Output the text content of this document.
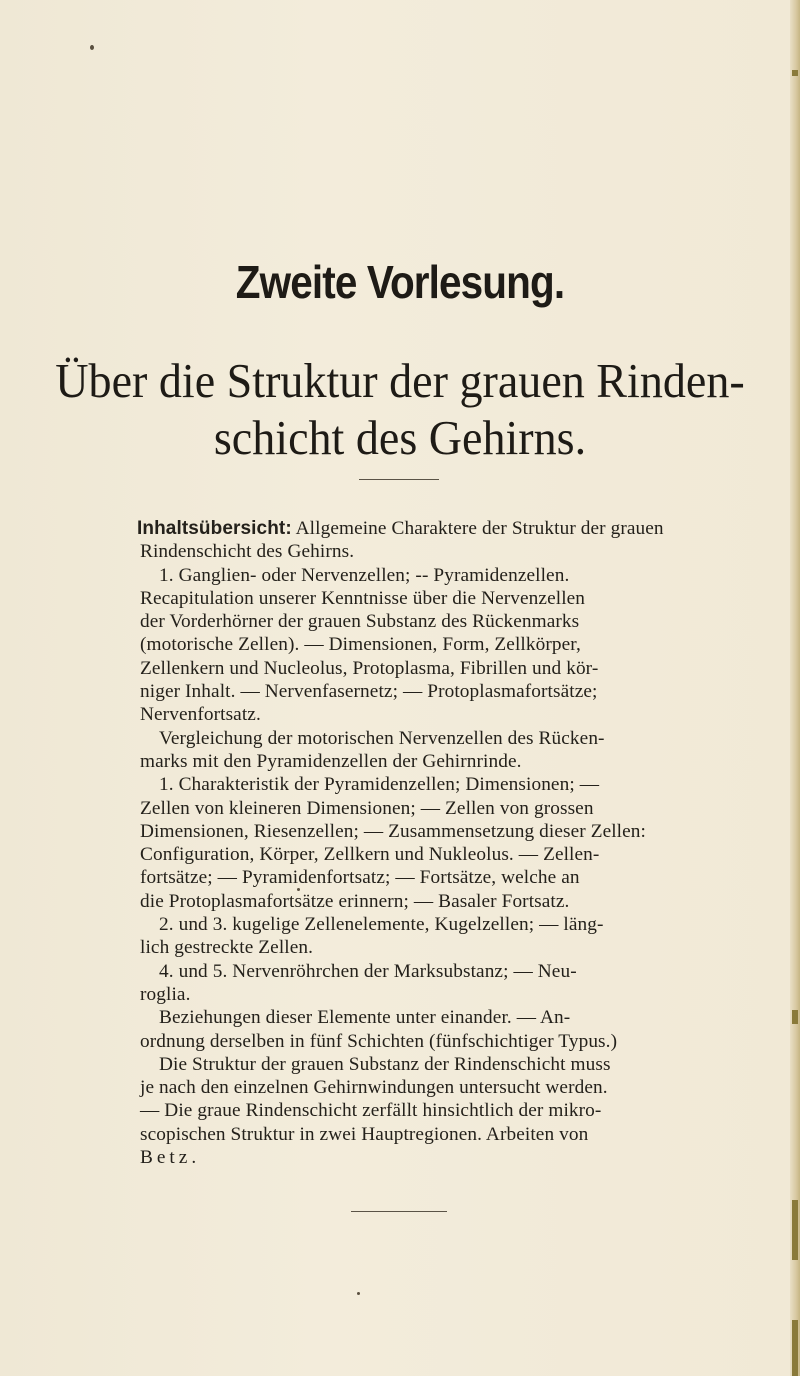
Zweite Vorlesung.
Über die Struktur der grauen Rinden-
schicht des Gehirns.
Inhaltsübersicht: Allgemeine Charaktere der Struktur der grauen
Rindenschicht des Gehirns.
1. Ganglien- oder Nervenzellen; -- Pyramidenzellen.
Recapitulation unserer Kenntnisse über die Nervenzellen
der Vorderhörner der grauen Substanz des Rückenmarks
(motorische Zellen). — Dimensionen, Form, Zellkörper,
Zellenkern und Nucleolus, Protoplasma, Fibrillen und kör-
niger Inhalt. — Nervenfasernetz; — Protoplasmafortsätze;
Nervenfortsatz.
Vergleichung der motorischen Nervenzellen des Rücken-
marks mit den Pyramidenzellen der Gehirnrinde.
1. Charakteristik der Pyramidenzellen; Dimensionen; —
Zellen von kleineren Dimensionen; — Zellen von grossen
Dimensionen, Riesenzellen; — Zusammensetzung dieser Zellen:
Configuration, Körper, Zellkern und Nukleolus. — Zellen-
fortsätze; — Pyramidenfortsatz; — Fortsätze, welche an
die Protoplasmafortsätze erinnern; — Basaler Fortsatz.
2. und 3. kugelige Zellenelemente, Kugelzellen; — läng-
lich gestreckte Zellen.
4. und 5. Nervenröhrchen der Marksubstanz; — Neu-
roglia.
Beziehungen dieser Elemente unter einander. — An-
ordnung derselben in fünf Schichten (fünfschichtiger Typus.)
Die Struktur der grauen Substanz der Rindenschicht muss
je nach den einzelnen Gehirnwindungen untersucht werden.
— Die graue Rindenschicht zerfällt hinsichtlich der mikro-
scopischen Struktur in zwei Hauptregionen. Arbeiten von
Betz.
